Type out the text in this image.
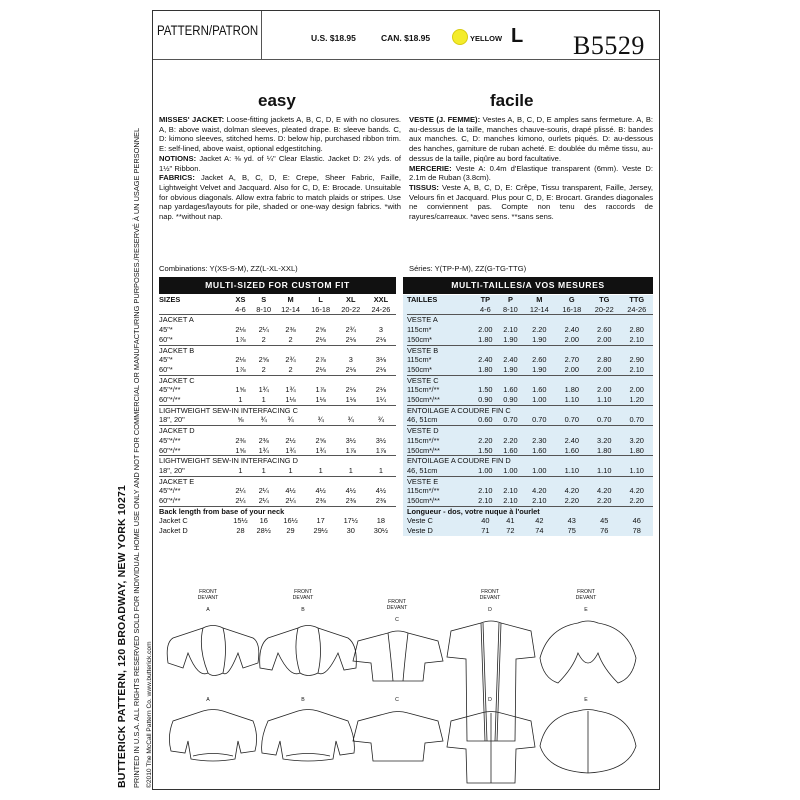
BUTTERICK PATTERN, 120 BROADWAY, NEW YORK 10271 PRINTED IN U.S.A. ALL RIGHTS RESERVED SOLD FOR INDIVIDUAL HOME USE ONLY AND NOT FOR COMMERCIAL OR MANUFACTURING PURPOSES./RESERVÉ À UN USAGE PERSONNEL ©2010 The McCall Pattern Co. www.butterick.com
PATTERN/PATRON	U.S. $18.95	CAN. $18.95	YELLOW L B5529
easy	facile
MISSES' JACKET: Loose-fitting jackets A, B, C, D, E with no closures. A, B: above waist, dolman sleeves, pleated drape. B: sleeve bands. C, D: kimono sleeves, stitched hems. D: below hip, purchased ribbon trim. E: self-lined, above waist, optional edgestitching.
NOTIONS: Jacket A: ⅜ yd. of ¼" Clear Elastic. Jacket D: 2¼ yds. of 1½" Ribbon.
FABRICS: Jacket A, B, C, D, E: Crepe, Sheer Fabric, Faille, Lightweight Velvet and Jacquard. Also for C, D, E: Brocade. Unsuitable for obvious diagonals. Allow extra fabric to match plaids or stripes. Use nap yardages/layouts for pile, shaded or one-way design fabrics. *with nap. **without nap.
VESTE (J. FEMME): Vestes A, B, C, D, E amples sans fermeture. A, B: au-dessus de la taille, manches chauve-souris, drapé plissé. B: bandes aux manches. C, D: manches kimono, ourlets piqués. D: au-dessous des hanches, garniture de ruban acheté. E: doublée du même tissu, au-dessus de la taille, piqûre au bord facultative.
MERCERIE: Veste A: 0.4m d'Elastique transparent (6mm). Veste D: 2.1m de Ruban (3.8cm).
TISSUS: Veste A, B, C, D, E: Crêpe, Tissu transparent, Faille, Jersey, Velours fin et Jacquard. Plus pour C, D, E: Brocart. Grandes diagonales ne conviennent pas. Compte non tenu des raccords de rayures/carreaux. *avec sens. **sans sens.
Combinations: Y(XS-S-M), ZZ(L-XL-XXL)	Séries: Y(TP-P-M), ZZ(G-TG-TTG)
MULTI-SIZED FOR CUSTOM FIT	MULTI-TAILLES/A VOS MESURES
SIZES	XS	S	M	L	XL	XXL
	4-6	8-10	12-14	16-18	20-22	24-26
JACKET A						
45"*	2⅛	2¼	2⅜	2⅝	2¾	3
60"*	1⅞	2	2	2⅛	2⅛	2⅛
JACKET B						
45"*	2⅛	2⅝	2¾	2⅞	3	3⅛
60"*	1⅞	2	2	2⅛	2⅛	2⅛
JACKET C						
45"*/**	1⅝	1¾	1¾	1⅞	2⅛	2⅛
60"*/**	1	1	1⅛	1⅛	1⅛	1¼
LIGHTWEIGHT SEW-IN INTERFACING C						
18", 20"	⅝	¾	¾	¾	¾	¾
JACKET D						
45"*/**	2⅜	2⅜	2½	2⅝	3½	3½
60"*/**	1⅝	1¾	1¾	1¾	1⅞	1⅞
LIGHTWEIGHT SEW-IN INTERFACING D						
18", 20"	1	1	1	1	1	1
JACKET E						
45"*/**	2¼	2¼	4½	4½	4½	4½
60"*/**	2¼	2¼	2¼	2⅜	2⅜	2⅜
Back length from base of your neck						
Jacket C	15½	16	16½	17	17½	18
Jacket D	28	28½	29	29½	30	30½
TAILLES	TP	P	M	G	TG	TTG
	4-6	8-10	12-14	16-18	20-22	24-26
VESTE A						
115cm*	2.00	2.10	2.20	2.40	2.60	2.80
150cm*	1.80	1.90	1.90	2.00	2.00	2.10
VESTE B						
115cm*	2.40	2.40	2.60	2.70	2.80	2.90
150cm*	1.80	1.90	1.90	2.00	2.00	2.10
VESTE C						
115cm*/**	1.50	1.60	1.60	1.80	2.00	2.00
150cm*/**	0.90	0.90	1.00	1.10	1.10	1.20
ENTOILAGE A COUDRE FIN C						
46, 51cm	0.60	0.70	0.70	0.70	0.70	0.70
VESTE D						
115cm*/**	2.20	2.20	2.30	2.40	3.20	3.20
150cm*/**	1.50	1.60	1.60	1.60	1.80	1.80
ENTOILAGE A COUDRE FIN D						
46, 51cm	1.00	1.00	1.00	1.10	1.10	1.10
VESTE E						
115cm*/**	2.10	2.10	4.20	4.20	4.20	4.20
150cm*/**	2.10	2.10	2.10	2.20	2.20	2.20
Longueur - dos, votre nuque à l'ourlet						
Veste C	40	41	42	43	45	46
Veste D	71	72	74	75	76	78
FRONT
DEVANT
FRONT
DEVANT
FRONT
DEVANT
FRONT
DEVANT
FRONT
DEVANT
A	B
C
D	E
A	B	C	D	E
